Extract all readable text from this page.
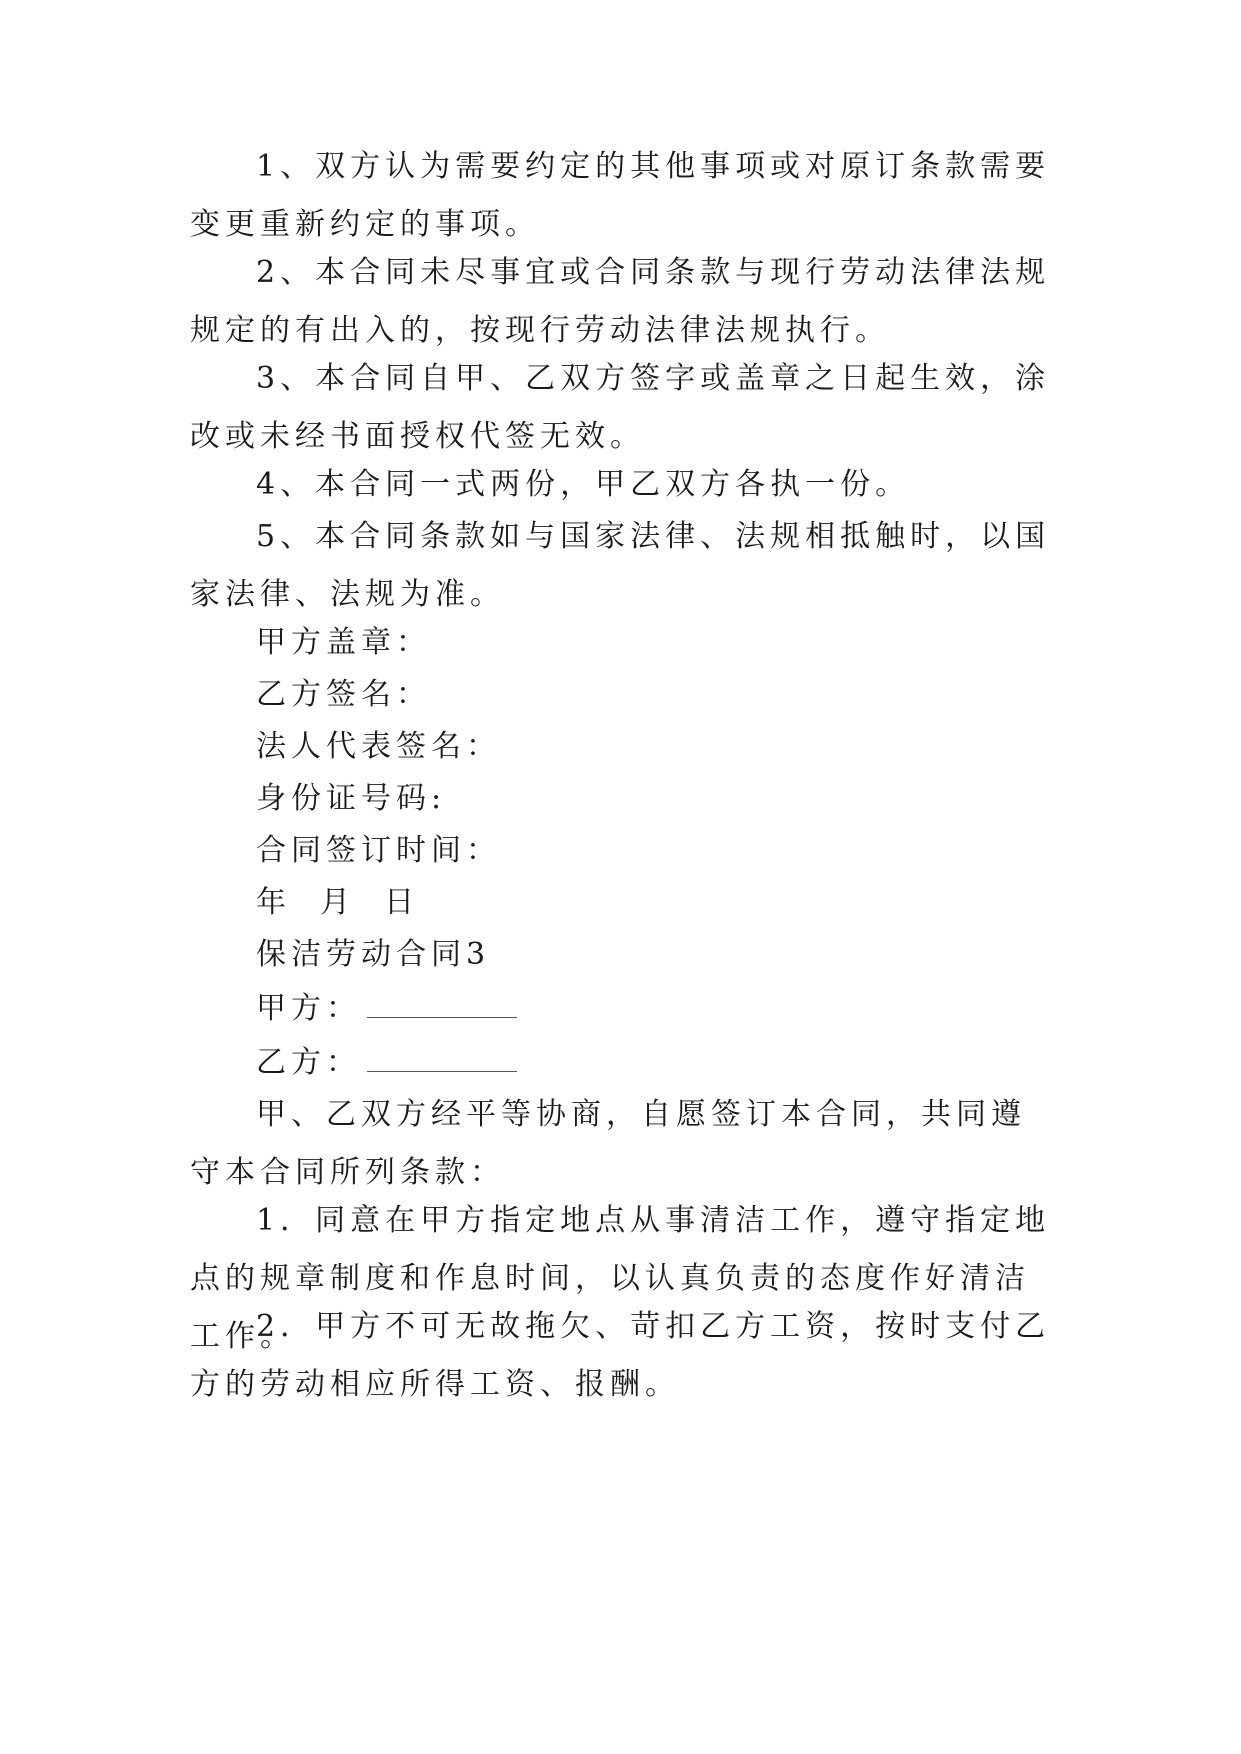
1、双方认为需要约定的其他事项或对原订条款需要变更重新约定的事项。

2、本合同未尽事宜或合同条款与现行劳动法律法规规定的有出入的，按现行劳动法律法规执行。

3、本合同自甲、乙双方签字或盖章之日起生效，涂改或未经书面授权代签无效。

4、本合同一式两份，甲乙双方各执一份。

5、本合同条款如与国家法律、法规相抵触时，以国家法律、法规为准。

甲方盖章：

乙方签名：

法人代表签名：

身份证号码:

合同签订时间：

年  月  日

保洁劳动合同3

甲方：

乙方：

甲、乙双方经平等协商，自愿签订本合同，共同遵守本合同所列条款：

1．同意在甲方指定地点从事清洁工作，遵守指定地点的规章制度和作息时间，以认真负责的态度作好清洁工作。

2．甲方不可无故拖欠、苛扣乙方工资，按时支付乙方的劳动相应所得工资、报酬。
